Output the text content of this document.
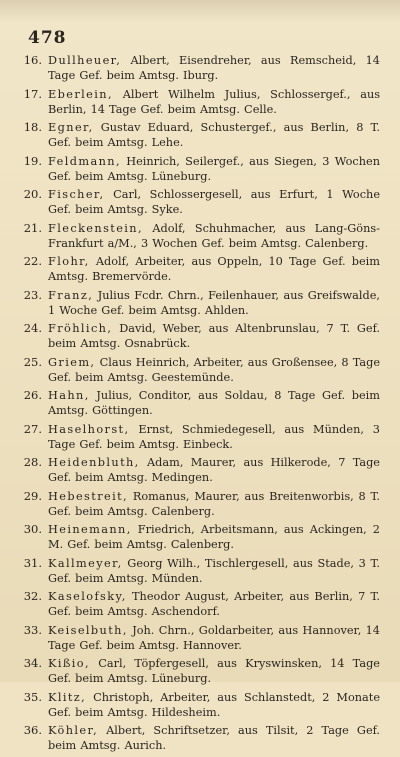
478
16. Dullheuer, Albert, Eisendreher, aus Remscheid, 14 Tage Gef. beim Amtsg. Iburg.
17. Eberlein, Albert Wilhelm Julius, Schlossergef., aus Berlin, 14 Tage Gef. beim Amtsg. Celle.
18. Egner, Gustav Eduard, Schustergef., aus Berlin, 8 T. Gef. beim Amtsg. Lehe.
19. Feldmann, Heinrich, Seilergef., aus Siegen, 3 Wochen Gef. beim Amtsg. Lüneburg.
20. Fischer, Carl, Schlossergesell, aus Erfurt, 1 Woche Gef. beim Amtsg. Syke.
21. Fleckenstein, Adolf, Schuhmacher, aus Lang-Göns-Frankfurt a/M., 3 Wochen Gef. beim Amtsg. Calenberg.
22. Flohr, Adolf, Arbeiter, aus Oppeln, 10 Tage Gef. beim Amtsg. Bremervörde.
23. Franz, Julius Fcdr. Chrn., Feilenhauer, aus Greifswalde, 1 Woche Gef. beim Amtsg. Ahlden.
24. Fröhlich, David, Weber, aus Altenbrunslau, 7 T. Gef. beim Amtsg. Osnabrück.
25. Griem, Claus Heinrich, Arbeiter, aus Großensee, 8 Tage Gef. beim Amtsg. Geestemünde.
26. Hahn, Julius, Conditor, aus Soldau, 8 Tage Gef. beim Amtsg. Göttingen.
27. Haselhorst, Ernst, Schmiedegesell, aus Münden, 3 Tage Gef. beim Amtsg. Einbeck.
28. Heidenbluth, Adam, Maurer, aus Hilkerode, 7 Tage Gef. beim Amtsg. Medingen.
29. Hebestreit, Romanus, Maurer, aus Breitenworbis, 8 T. Gef. beim Amtsg. Calenberg.
30. Heinemann, Friedrich, Arbeitsmann, aus Ackingen, 2 M. Gef. beim Amtsg. Calenberg.
31. Kallmeyer, Georg Wilh., Tischlergesell, aus Stade, 3 T. Gef. beim Amtsg. Münden.
32. Kaselofsky, Theodor August, Arbeiter, aus Berlin, 7 T. Gef. beim Amtsg. Aschendorf.
33. Keiselbuth, Joh. Chrn., Goldarbeiter, aus Hannover, 14 Tage Gef. beim Amtsg. Hannover.
34. Kißio, Carl, Töpfergesell, aus Kryswinsken, 14 Tage Gef. beim Amtsg. Lüneburg.
35. Klitz, Christoph, Arbeiter, aus Schlanstedt, 2 Monate Gef. beim Amtsg. Hildesheim.
36. Köhler, Albert, Schriftsetzer, aus Tilsit, 2 Tage Gef. beim Amtsg. Aurich.
